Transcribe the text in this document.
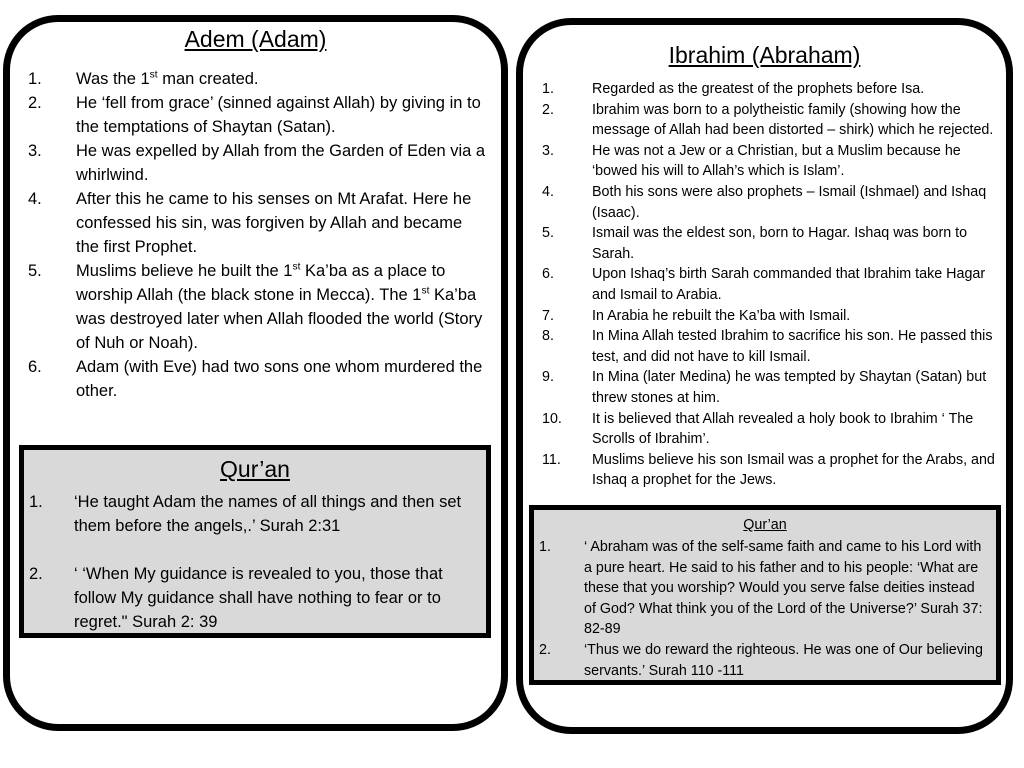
Adem (Adam)
1. Was the 1st man created.
2. He ‘fell from grace’ (sinned against Allah) by giving in to the temptations of Shaytan (Satan).
3. He was expelled by Allah from the Garden of Eden via a whirlwind.
4. After this he came to his senses on Mt Arafat. Here he confessed his sin, was forgiven by Allah and became the first Prophet.
5. Muslims believe he built the 1st Ka’ba as a place to worship Allah (the black stone in Mecca). The 1st Ka’ba was destroyed later when Allah flooded the world (Story of Nuh or Noah).
6. Adam (with Eve) had two sons one whom murdered the other.
Qur’an
1. ‘He taught Adam the names of all things and then set them before the angels,.’ Surah 2:31
2. ‘ ‘When My guidance is revealed to you, those that follow My guidance shall have nothing to fear or to regret." Surah 2: 39
Ibrahim (Abraham)
1.	Regarded as the greatest of the prophets before Isa.
2.	Ibrahim was born to a polytheistic family (showing how the message of Allah had been distorted – shirk) which he rejected.
3.	He was not a Jew or a Christian, but a Muslim because he ‘bowed his will to Allah’s which is Islam’.
4.	Both his sons were also prophets – Ismail (Ishmael) and Ishaq (Isaac).
5.	Ismail was the eldest son, born to Hagar. Ishaq was born to Sarah.
6.	Upon Ishaq’s birth Sarah commanded that Ibrahim take Hagar and Ismail to Arabia.
7.	In Arabia he rebuilt the Ka’ba with Ismail.
8.	In Mina Allah tested Ibrahim to sacrifice his son. He passed this test, and did not have to kill Ismail.
9.	In Mina (later Medina) he was tempted by Shaytan (Satan) but threw stones at him.
10. It is believed that Allah revealed a holy book to Ibrahim ‘ The Scrolls of Ibrahim’.
11. Muslims believe his son Ismail was a prophet for the Arabs, and Ishaq a prophet for the Jews.
Qur’an
1. ‘ Abraham was of the self-same faith and came to his Lord with a pure heart. He said to his father and to his people: ‘What are these that you worship? Would you serve false deities instead of God? What think you of the Lord of the Universe?’ Surah 37: 82-89
2. ‘Thus we do reward the righteous. He was one of Our believing servants.’ Surah 110 -111
